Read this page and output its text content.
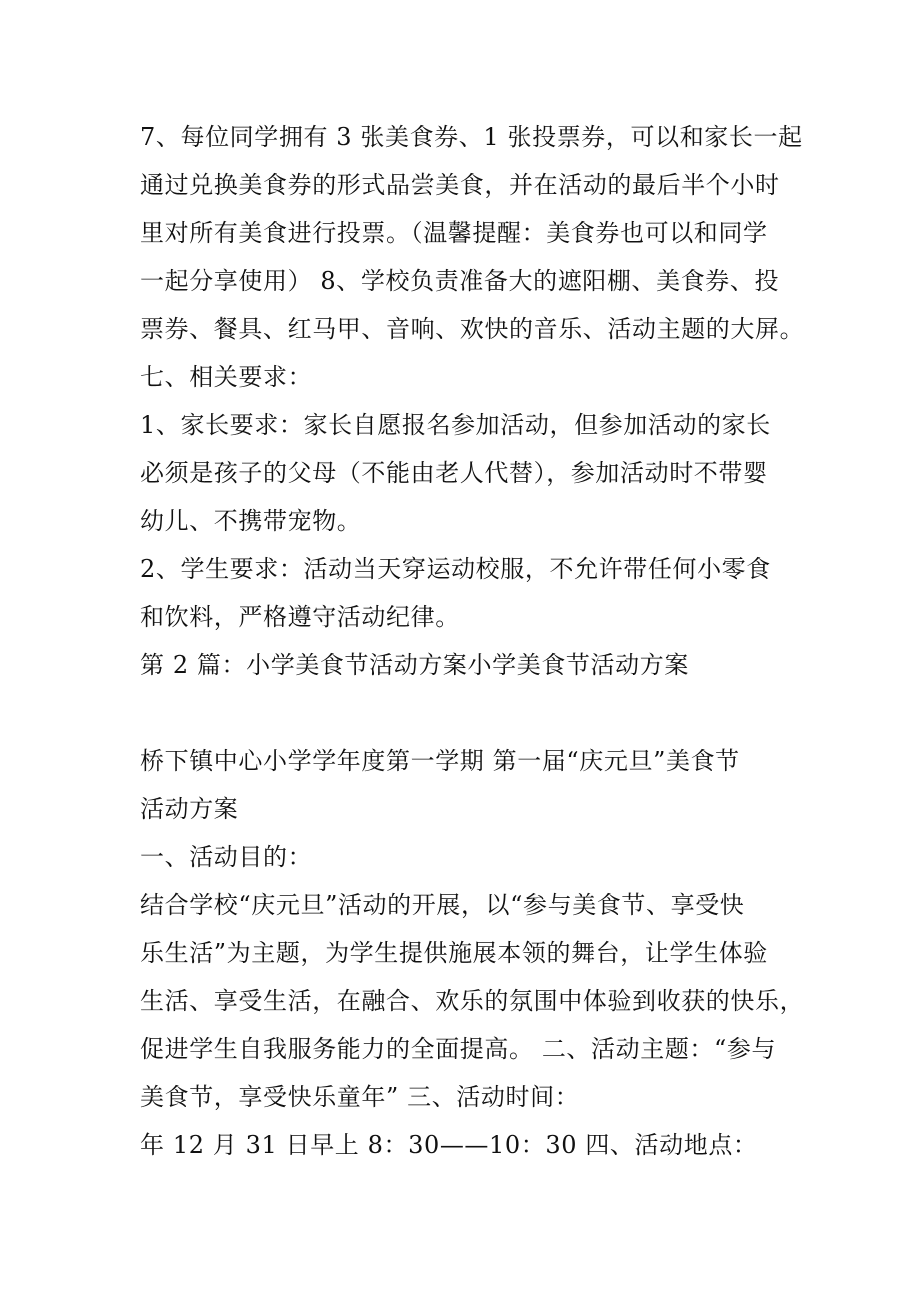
7、每位同学拥有 3 张美食券、1 张投票券，可以和家长一起

通过兑换美食券的形式品尝美食，并在活动的最后半个小时

里对所有美食进行投票。（温馨提醒：美食券也可以和同学

一起分享使用） 8、学校负责准备大的遮阳棚、美食券、投

票券、餐具、红马甲、音响、欢快的音乐、活动主题的大屏。

七、相关要求：

1、家长要求：家长自愿报名参加活动，但参加活动的家长

必须是孩子的父母（不能由老人代替），参加活动时不带婴

幼儿、不携带宠物。

2、学生要求：活动当天穿运动校服，不允许带任何小零食

和饮料，严格遵守活动纪律。

第 2 篇：小学美食节活动方案小学美食节活动方案

桥下镇中心小学学年度第一学期 第一届“庆元旦”美食节

活动方案

一、活动目的：

结合学校“庆元旦”活动的开展，以“参与美食节、享受快

乐生活”为主题，为学生提供施展本领的舞台，让学生体验

生活、享受生活，在融合、欢乐的氛围中体验到收获的快乐，

促进学生自我服务能力的全面提高。 二、活动主题：“参与

美食节，享受快乐童年” 三、活动时间：

年 12 月 31 日早上 8：30——10：30 四、活动地点：
